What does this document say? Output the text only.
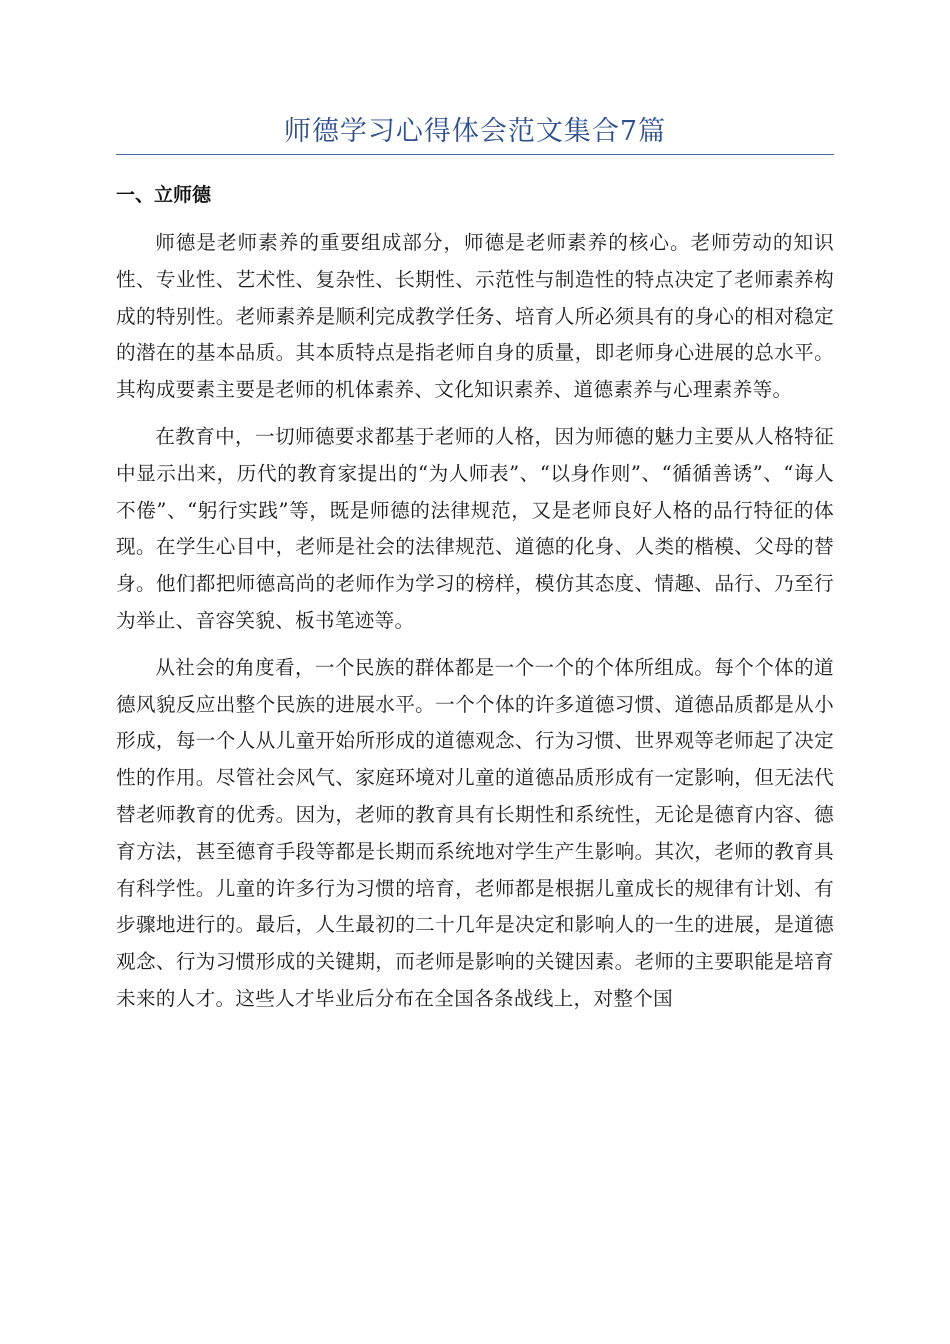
师德学习心得体会范文集合7篇
一、立师德

师德是老师素养的重要组成部分，师德是老师素养的核心。老师劳动的知识性、专业性、艺术性、复杂性、长期性、示范性与制造性的特点决定了老师素养构成的特别性。老师素养是顺利完成教学任务、培育人所必须具有的身心的相对稳定的潜在的基本品质。其本质特点是指老师自身的质量，即老师身心进展的总水平。其构成要素主要是老师的机体素养、文化知识素养、道德素养与心理素养等。

在教育中，一切师德要求都基于老师的人格，因为师德的魅力主要从人格特征中显示出来，历代的教育家提出的“为人师表”、“以身作则”、“循循善诱”、“诲人不倦”、“躬行实践”等，既是师德的法律规范，又是老师良好人格的品行特征的体现。在学生心目中，老师是社会的法律规范、道德的化身、人类的楷模、父母的替身。他们都把师德高尚的老师作为学习的榜样，模仿其态度、情趣、品行、乃至行为举止、音容笑貌、板书笔迹等。

从社会的角度看，一个民族的群体都是一个一个的个体所组成。每个个体的道德风貌反应出整个民族的进展水平。一个个体的许多道德习惯、道德品质都是从小形成，每一个人从儿童开始所形成的道德观念、行为习惯、世界观等老师起了决定性的作用。尽管社会风气、家庭环境对儿童的道德品质形成有一定影响，但无法代替老师教育的优秀。因为，老师的教育具有长期性和系统性，无论是德育内容、德育方法，甚至德育手段等都是长期而系统地对学生产生影响。其次，老师的教育具有科学性。儿童的许多行为习惯的培育，老师都是根据儿童成长的规律有计划、有步骤地进行的。最后，人生最初的二十几年是决定和影响人的一生的进展，是道德观念、行为习惯形成的关键期，而老师是影响的关键因素。老师的主要职能是培育未来的人才。这些人才毕业后分布在全国各条战线上，对整个国
